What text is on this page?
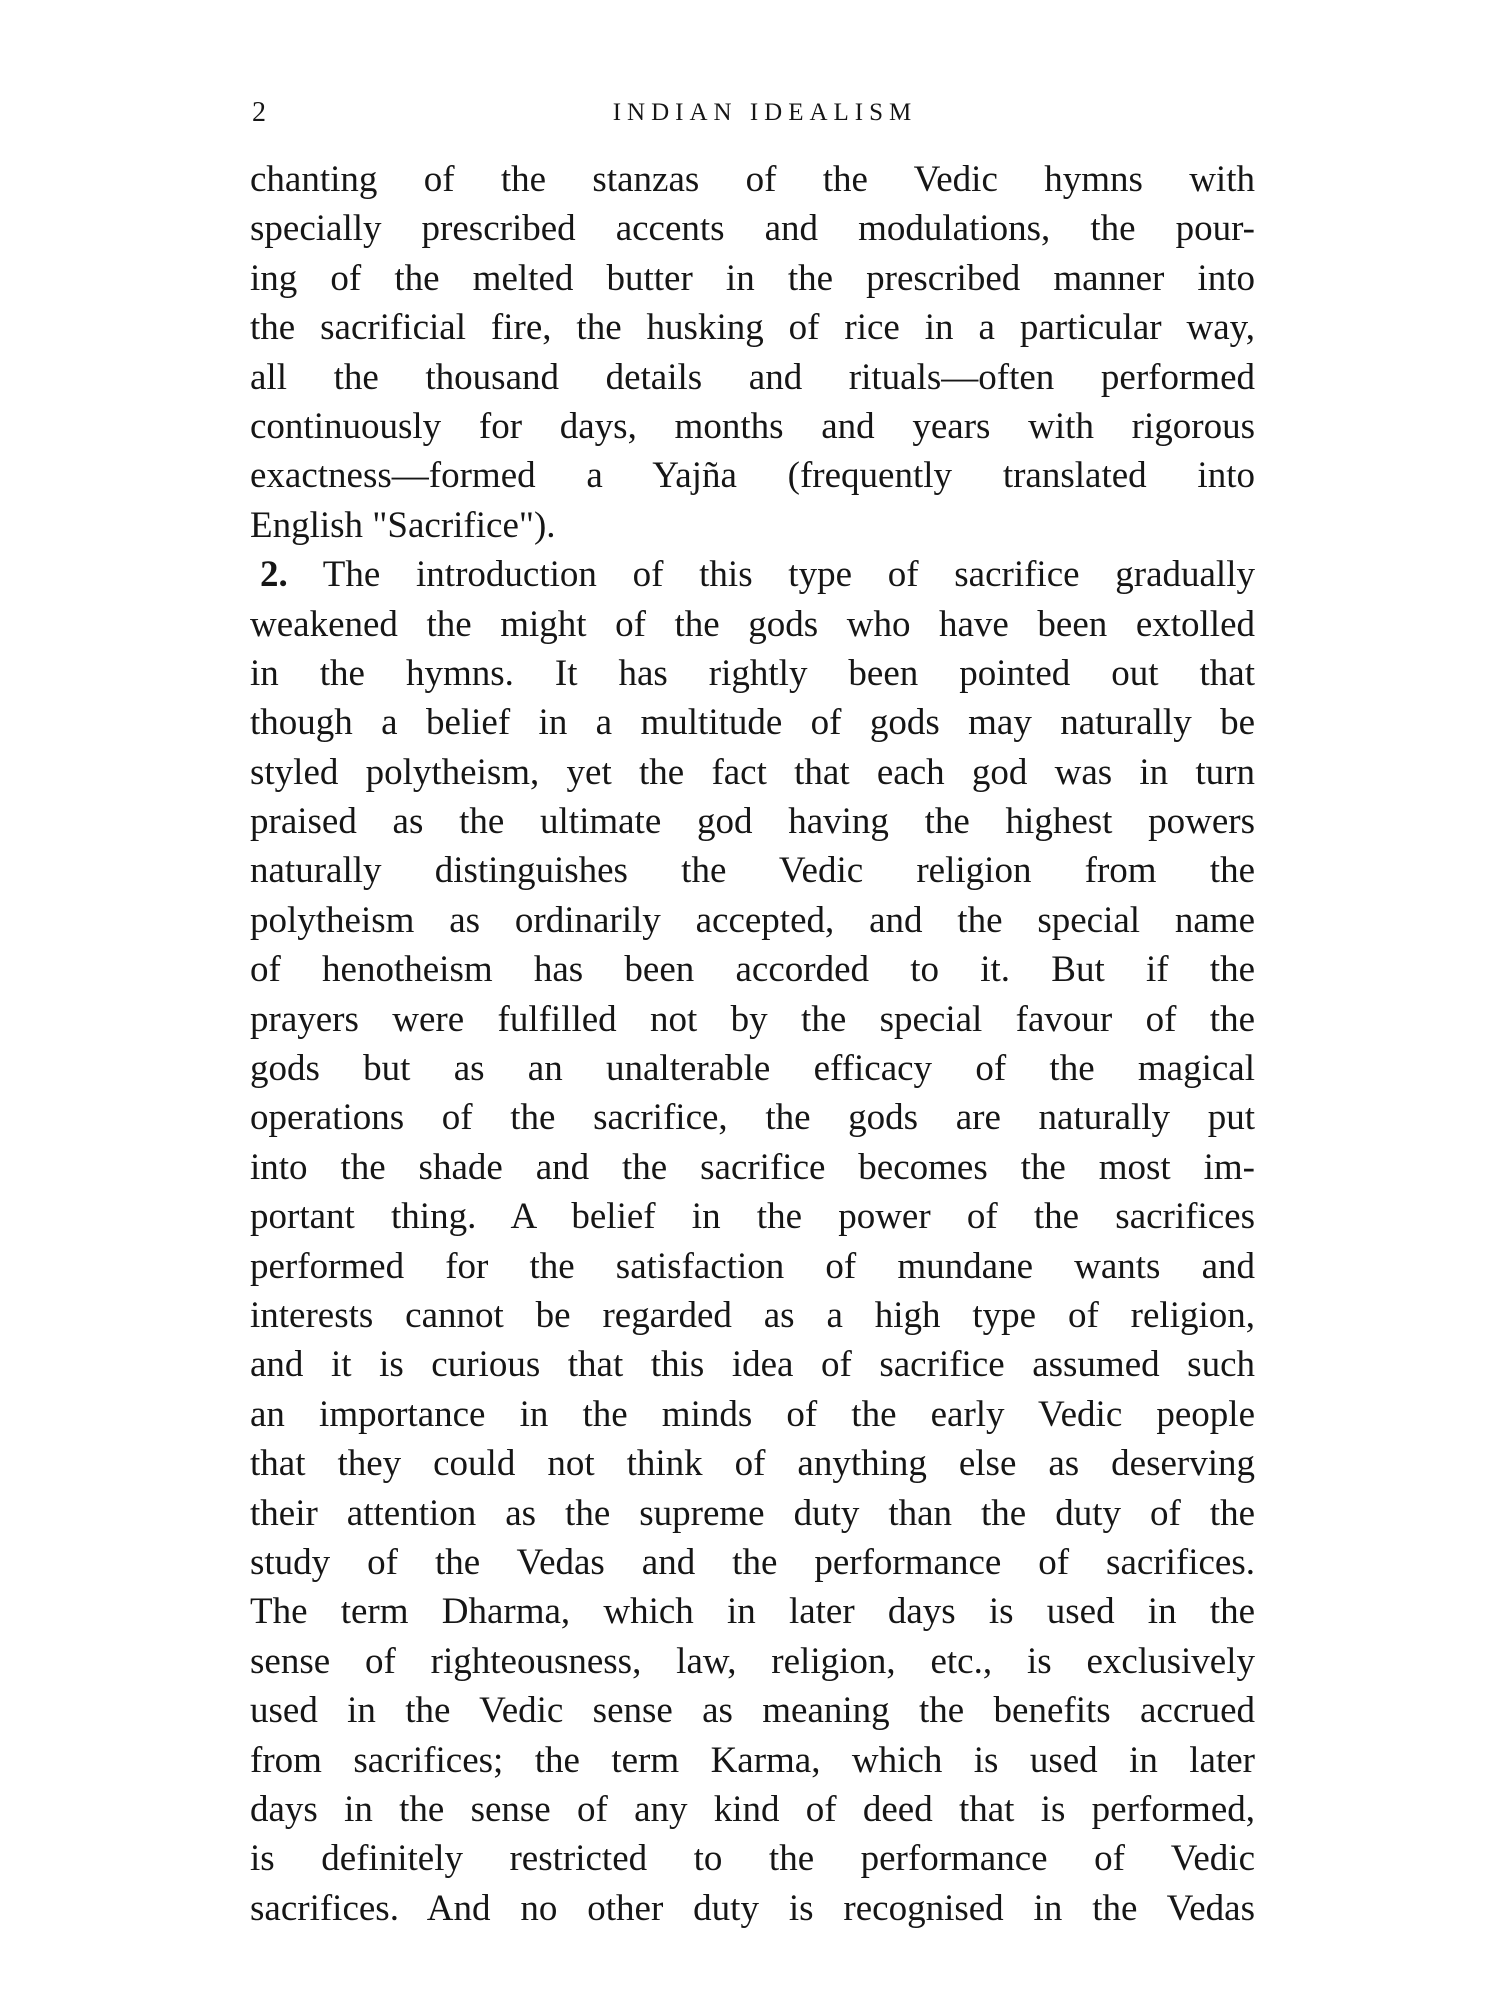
2	INDIAN IDEALISM
chanting of the stanzas of the Vedic hymns with
specially prescribed accents and modulations, the pour-
ing of the melted butter in the prescribed manner into
the sacrificial fire, the husking of rice in a particular way,
all the thousand details and rituals—often performed
continuously for days, months and years with rigorous
exactness—formed a Yajña (frequently translated into
English "Sacrifice").
2. The introduction of this type of sacrifice gradually
weakened the might of the gods who have been extolled
in the hymns. It has rightly been pointed out that
though a belief in a multitude of gods may naturally be
styled polytheism, yet the fact that each god was in turn
praised as the ultimate god having the highest powers
naturally distinguishes the Vedic religion from the
polytheism as ordinarily accepted, and the special name
of henotheism has been accorded to it. But if the
prayers were fulfilled not by the special favour of the
gods but as an unalterable efficacy of the magical
operations of the sacrifice, the gods are naturally put
into the shade and the sacrifice becomes the most im-
portant thing. A belief in the power of the sacrifices
performed for the satisfaction of mundane wants and
interests cannot be regarded as a high type of religion,
and it is curious that this idea of sacrifice assumed such
an importance in the minds of the early Vedic people
that they could not think of anything else as deserving
their attention as the supreme duty than the duty of the
study of the Vedas and the performance of sacrifices.
The term Dharma, which in later days is used in the
sense of righteousness, law, religion, etc., is exclusively
used in the Vedic sense as meaning the benefits accrued
from sacrifices; the term Karma, which is used in later
days in the sense of any kind of deed that is performed,
is definitely restricted to the performance of Vedic
sacrifices. And no other duty is recognised in the Vedas
